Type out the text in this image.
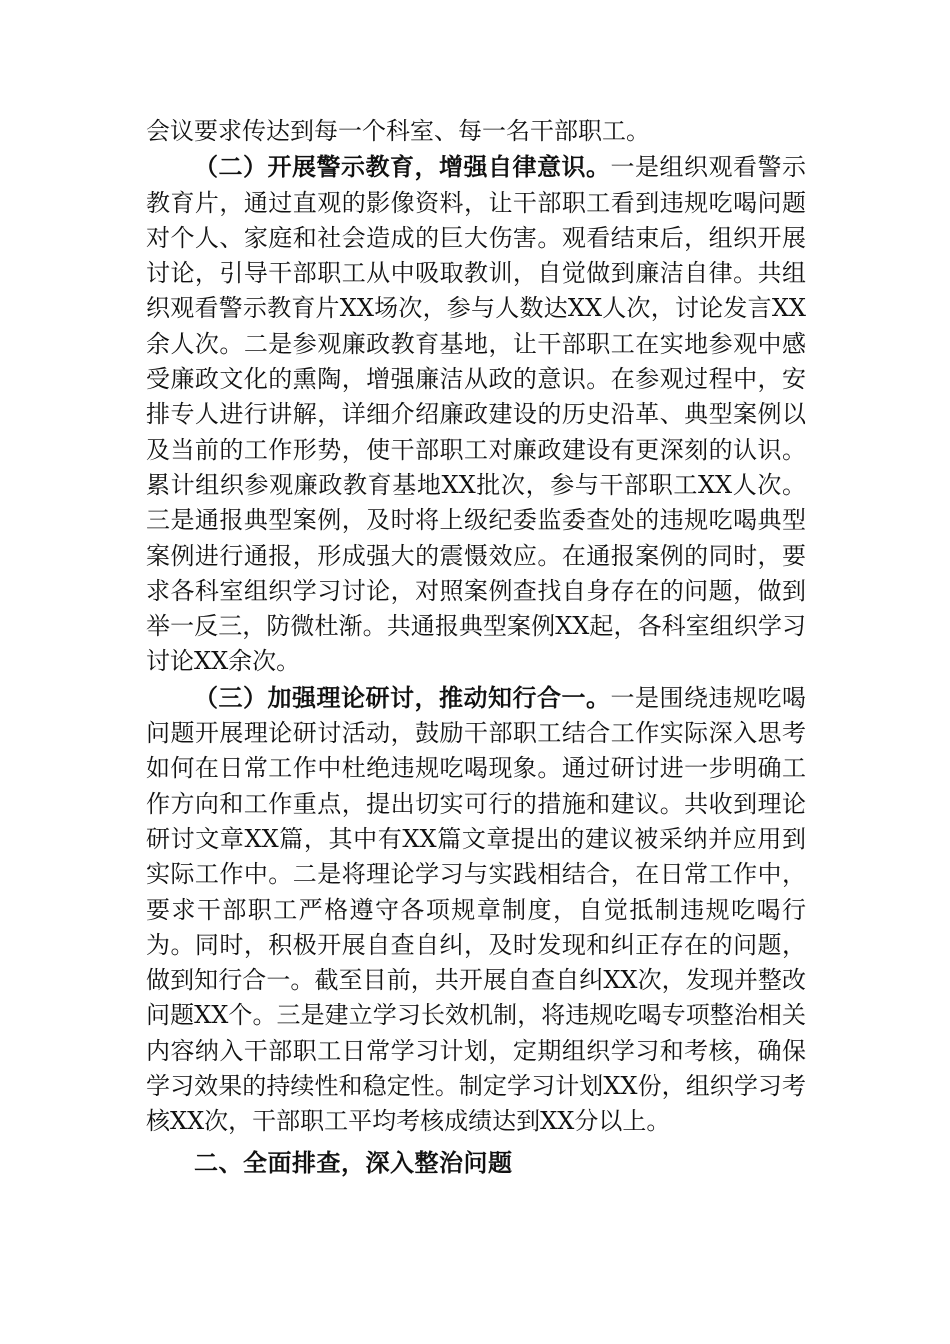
会议要求传达到每一个科室、每一名干部职工。

（二）开展警示教育，增强自律意识。一是组织观看警示教育片，通过直观的影像资料，让干部职工看到违规吃喝问题对个人、家庭和社会造成的巨大伤害。观看结束后，组织开展讨论，引导干部职工从中吸取教训，自觉做到廉洁自律。共组织观看警示教育片XX场次，参与人数达XX人次，讨论发言XX余人次。二是参观廉政教育基地，让干部职工在实地参观中感受廉政文化的熏陶，增强廉洁从政的意识。在参观过程中，安排专人进行讲解，详细介绍廉政建设的历史沿革、典型案例以及当前的工作形势，使干部职工对廉政建设有更深刻的认识。累计组织参观廉政教育基地XX批次，参与干部职工XX人次。三是通报典型案例，及时将上级纪委监委查处的违规吃喝典型案例进行通报，形成强大的震慑效应。在通报案例的同时，要求各科室组织学习讨论，对照案例查找自身存在的问题，做到举一反三，防微杜渐。共通报典型案例XX起，各科室组织学习讨论XX余次。

（三）加强理论研讨，推动知行合一。一是围绕违规吃喝问题开展理论研讨活动，鼓励干部职工结合工作实际深入思考如何在日常工作中杜绝违规吃喝现象。通过研讨进一步明确工作方向和工作重点，提出切实可行的措施和建议。共收到理论研讨文章XX篇，其中有XX篇文章提出的建议被采纳并应用到实际工作中。二是将理论学习与实践相结合，在日常工作中，要求干部职工严格遵守各项规章制度，自觉抵制违规吃喝行为。同时，积极开展自查自纠，及时发现和纠正存在的问题，做到知行合一。截至目前，共开展自查自纠XX次，发现并整改问题XX个。三是建立学习长效机制，将违规吃喝专项整治相关内容纳入干部职工日常学习计划，定期组织学习和考核，确保学习效果的持续性和稳定性。制定学习计划XX份，组织学习考核XX次，干部职工平均考核成绩达到XX分以上。

二、全面排查，深入整治问题
